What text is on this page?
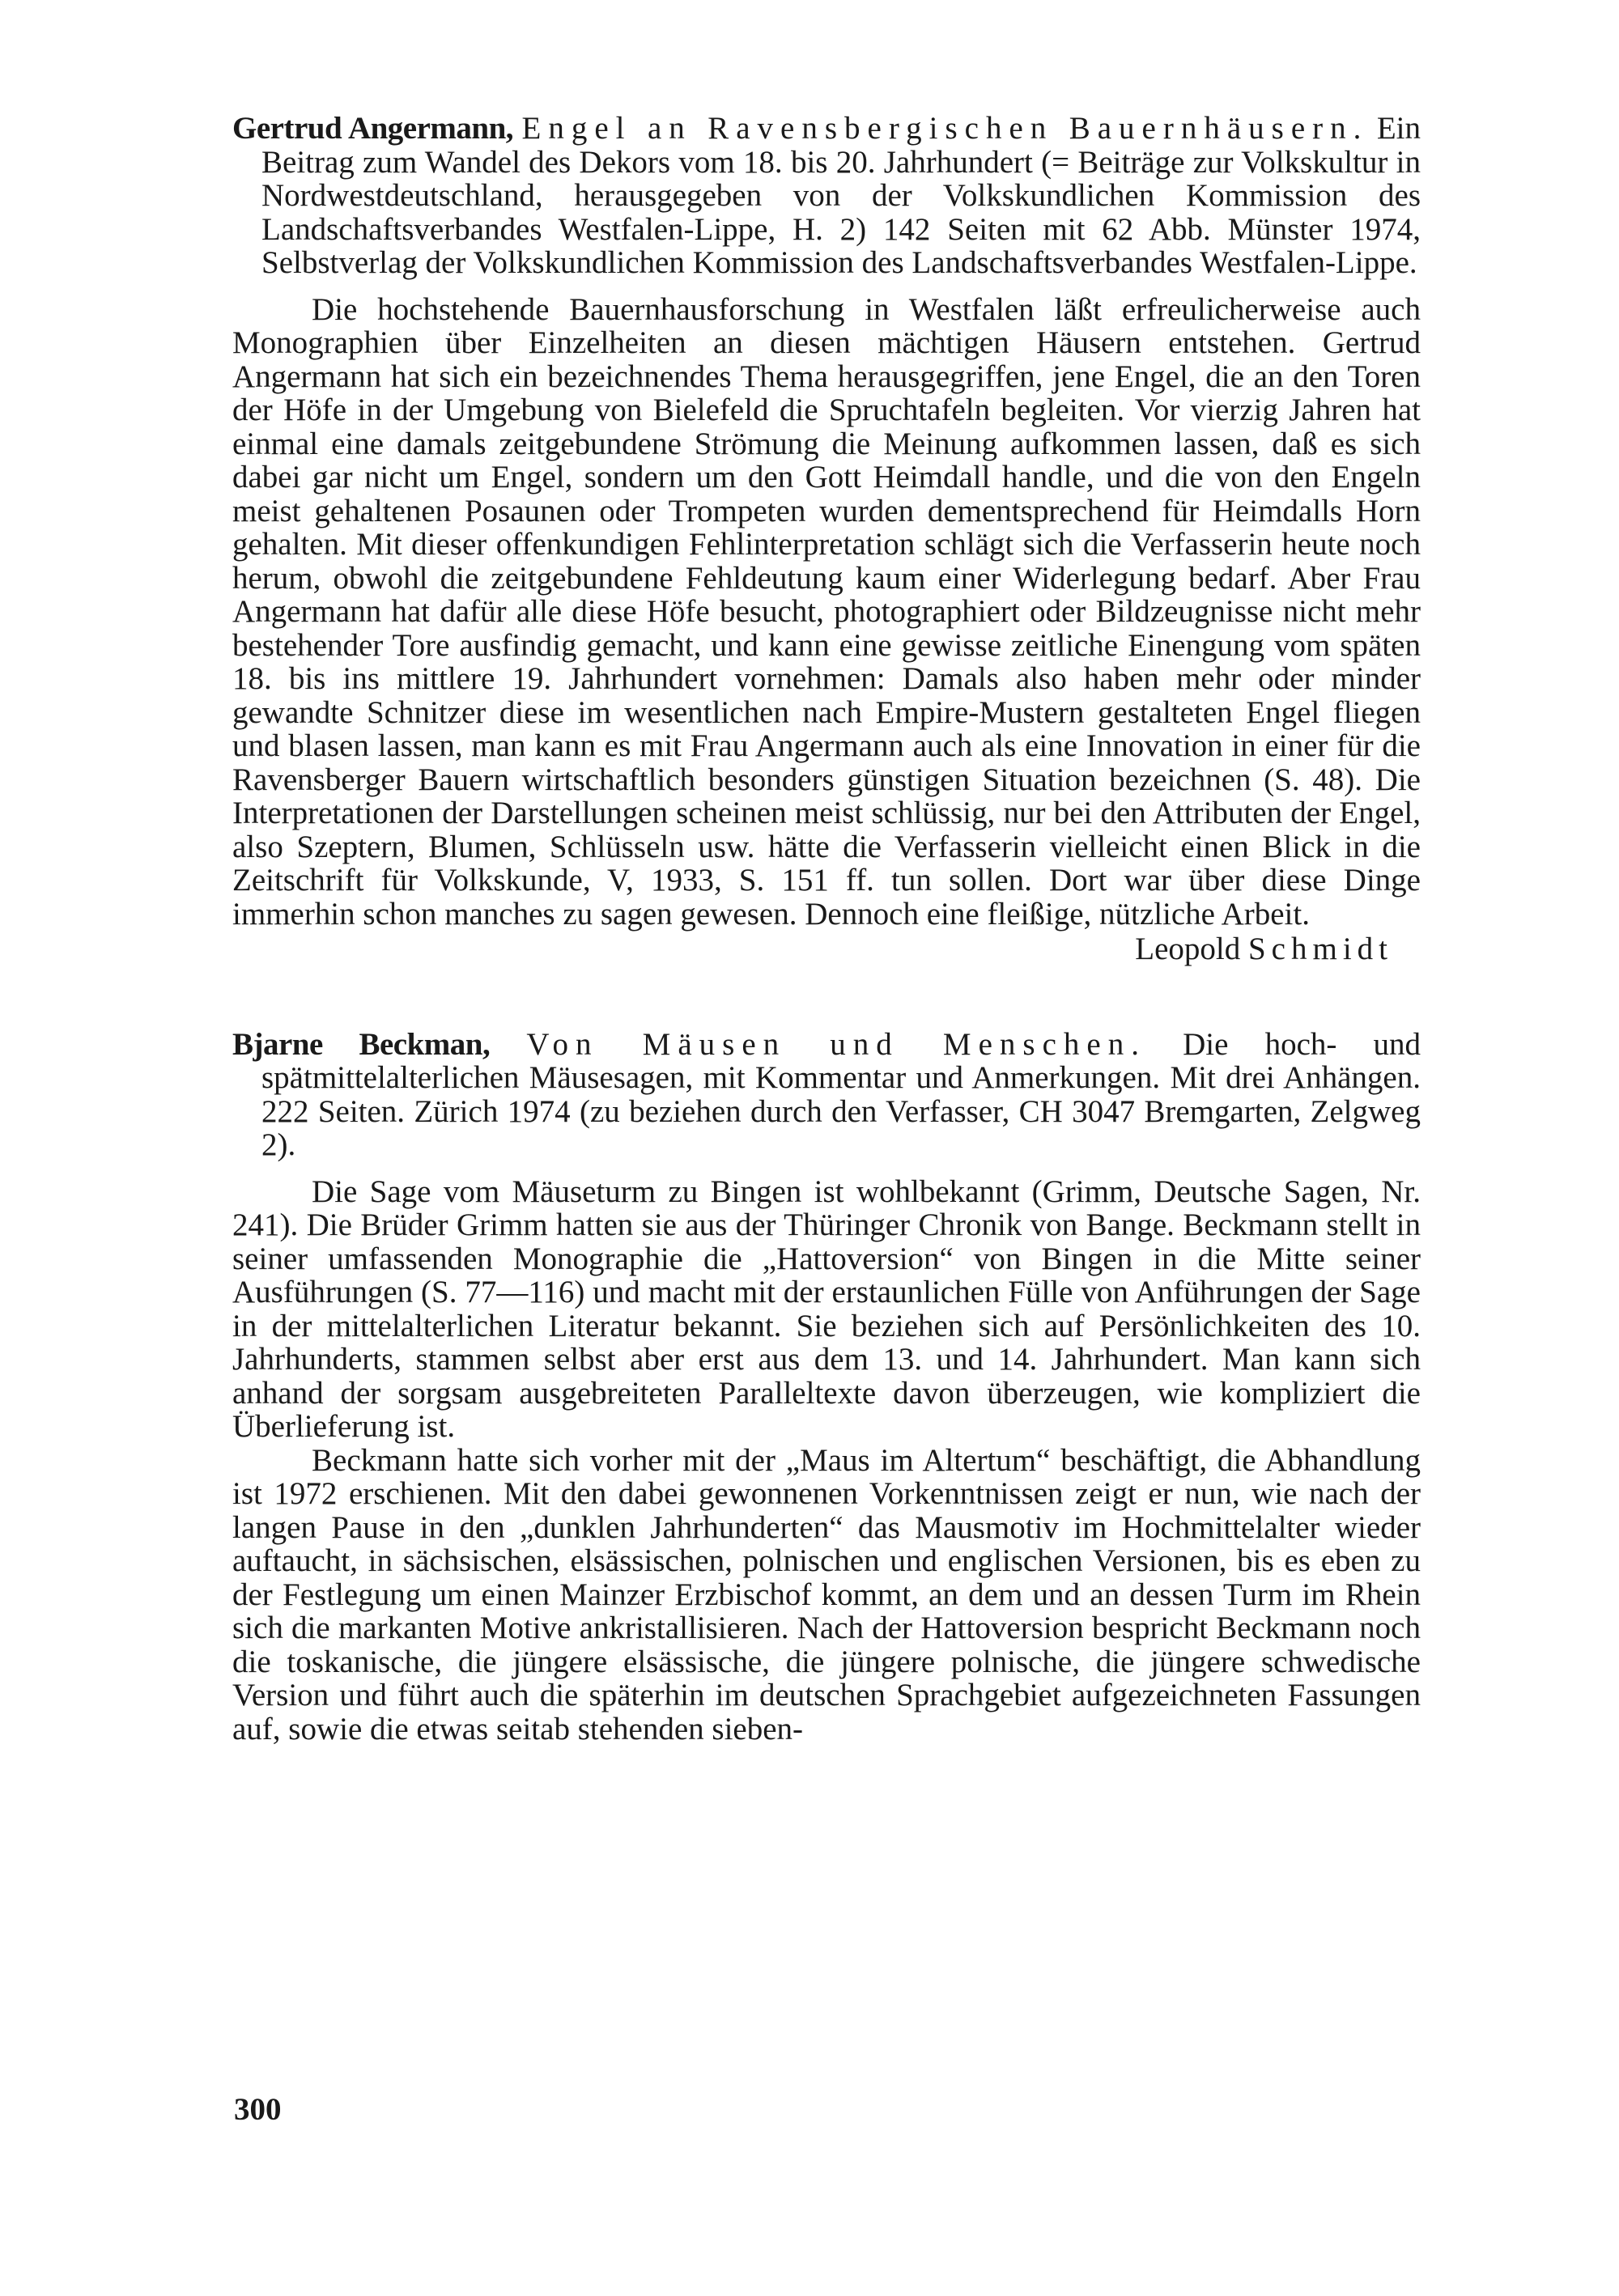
Gertrud Angermann, Engel an Ravensbergischen Bauernhäusern. Ein Beitrag zum Wandel des Dekors vom 18. bis 20. Jahrhundert (= Beiträge zur Volkskultur in Nordwestdeutschland, herausgegeben von der Volkskundlichen Kommission des Landschaftsverbandes Westfalen-Lippe, H. 2) 142 Seiten mit 62 Abb. Münster 1974, Selbstverlag der Volkskundlichen Kommission des Landschaftsverbandes Westfalen-Lippe.

Die hochstehende Bauernhausforschung in Westfalen läßt erfreulicherweise auch Monographien über Einzelheiten an diesen mächtigen Häusern entstehen. Gertrud Angermann hat sich ein bezeichnendes Thema herausgegriffen, jene Engel, die an den Toren der Höfe in der Umgebung von Bielefeld die Spruchtafeln begleiten. Vor vierzig Jahren hat einmal eine damals zeitgebundene Strömung die Meinung aufkommen lassen, daß es sich dabei gar nicht um Engel, sondern um den Gott Heimdall handle, und die von den Engeln meist gehaltenen Posaunen oder Trompeten wurden dementsprechend für Heimdalls Horn gehalten. Mit dieser offenkundigen Fehlinterpretation schlägt sich die Verfasserin heute noch herum, obwohl die zeitgebundene Fehldeutung kaum einer Widerlegung bedarf. Aber Frau Angermann hat dafür alle diese Höfe besucht, photographiert oder Bildzeugnisse nicht mehr bestehender Tore ausfindig gemacht, und kann eine gewisse zeitliche Einengung vom späten 18. bis ins mittlere 19. Jahrhundert vornehmen: Damals also haben mehr oder minder gewandte Schnitzer diese im wesentlichen nach Empire-Mustern gestalteten Engel fliegen und blasen lassen, man kann es mit Frau Angermann auch als eine Innovation in einer für die Ravensberger Bauern wirtschaftlich besonders günstigen Situation bezeichnen (S. 48). Die Interpretationen der Darstellungen scheinen meist schlüssig, nur bei den Attributen der Engel, also Szeptern, Blumen, Schlüsseln usw. hätte die Verfasserin vielleicht einen Blick in die Zeitschrift für Volkskunde, V, 1933, S. 151 ff. tun sollen. Dort war über diese Dinge immerhin schon manches zu sagen gewesen. Dennoch eine fleißige, nützliche Arbeit.

Leopold Schmidt

Bjarne Beckman, Von Mäusen und Menschen. Die hoch- und spätmittelalterlichen Mäusesagen, mit Kommentar und Anmerkungen. Mit drei Anhängen. 222 Seiten. Zürich 1974 (zu beziehen durch den Verfasser, CH 3047 Bremgarten, Zelgweg 2).

Die Sage vom Mäuseturm zu Bingen ist wohlbekannt (Grimm, Deutsche Sagen, Nr. 241). Die Brüder Grimm hatten sie aus der Thüringer Chronik von Bange. Beckmann stellt in seiner umfassenden Monographie die „Hattoversion“ von Bingen in die Mitte seiner Ausführungen (S. 77—116) und macht mit der erstaunlichen Fülle von Anführungen der Sage in der mittelalterlichen Literatur bekannt. Sie beziehen sich auf Persönlichkeiten des 10. Jahrhunderts, stammen selbst aber erst aus dem 13. und 14. Jahrhundert. Man kann sich anhand der sorgsam ausgebreiteten Paralleltexte davon überzeugen, wie kompliziert die Überlieferung ist.

Beckmann hatte sich vorher mit der „Maus im Altertum“ beschäftigt, die Abhandlung ist 1972 erschienen. Mit den dabei gewonnenen Vorkenntnissen zeigt er nun, wie nach der langen Pause in den „dunklen Jahrhunderten“ das Mausmotiv im Hochmittelalter wieder auftaucht, in sächsischen, elsässischen, polnischen und englischen Versionen, bis es eben zu der Festlegung um einen Mainzer Erzbischof kommt, an dem und an dessen Turm im Rhein sich die markanten Motive ankristallisieren. Nach der Hattoversion bespricht Beckmann noch die toskanische, die jüngere elsässische, die jüngere polnische, die jüngere schwedische Version und führt auch die späterhin im deutschen Sprachgebiet aufgezeichneten Fassungen auf, sowie die etwas seitab stehenden sieben-

300
